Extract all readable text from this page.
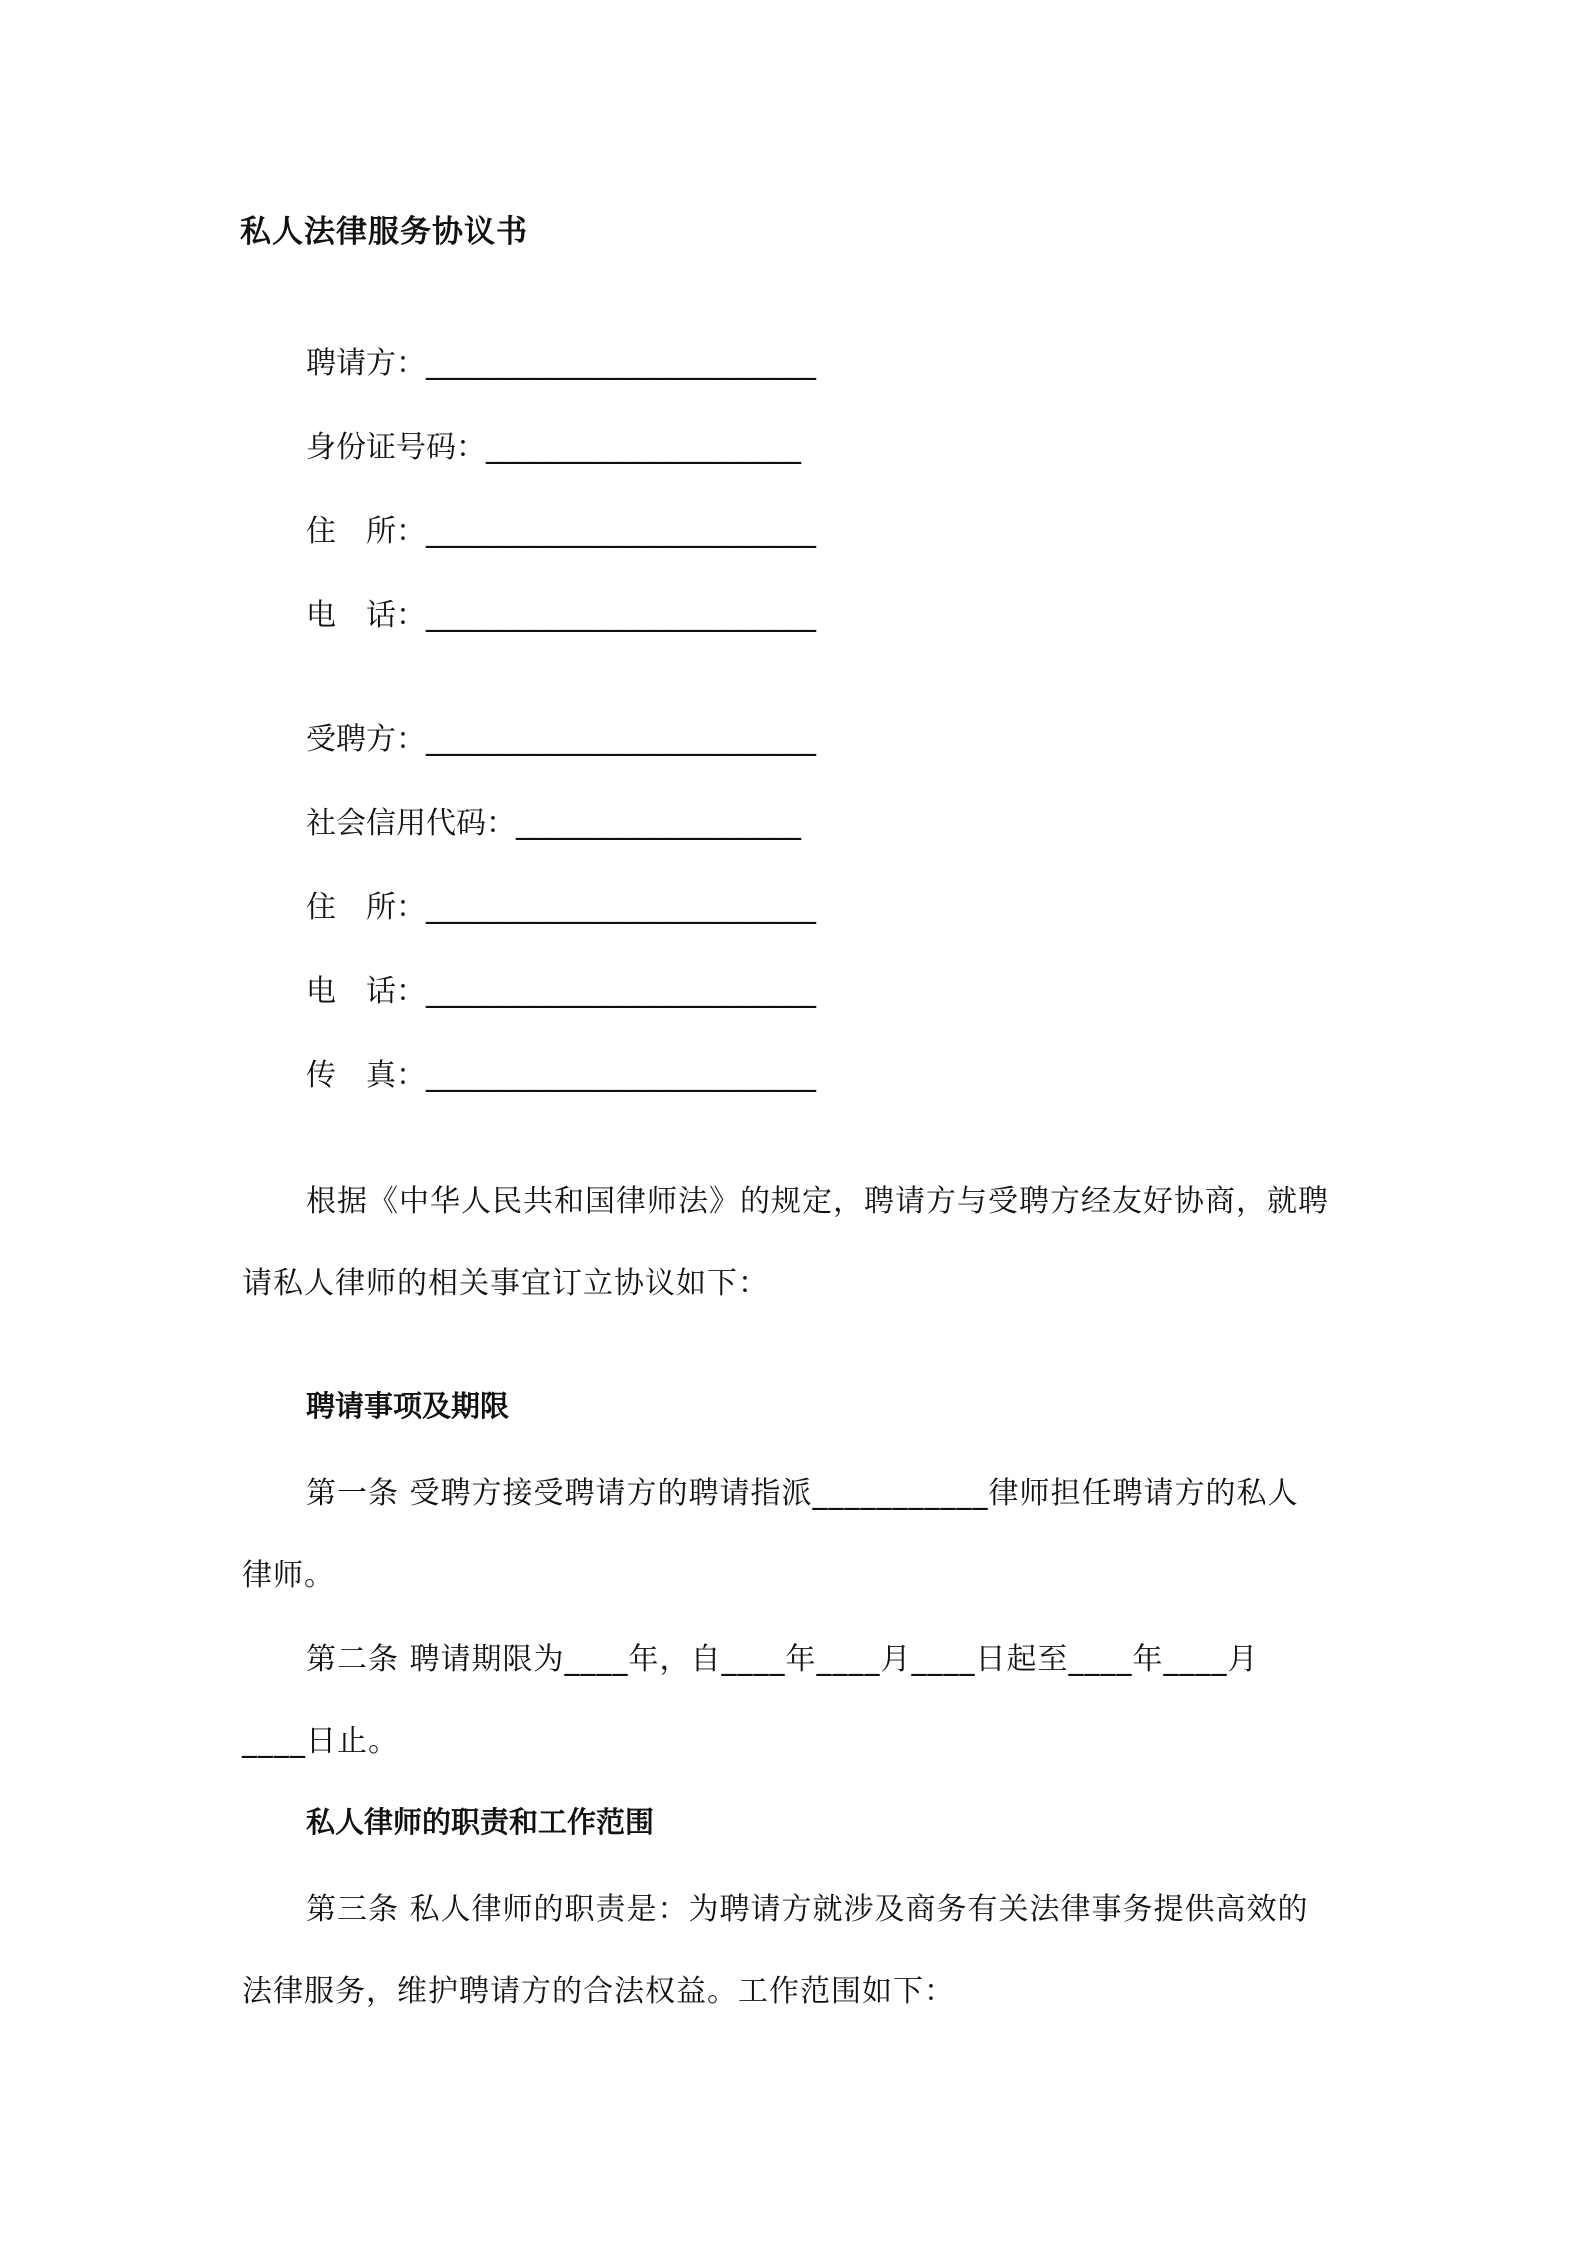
私人法律服务协议书
聘请方：__________________________
身份证号码：_____________________
住　所：__________________________
电　话：__________________________
受聘方：__________________________
社会信用代码：___________________
住　所：__________________________
电　话：__________________________
传　真：__________________________
根据《中华人民共和国律师法》的规定，聘请方与受聘方经友好协商，就聘
请私人律师的相关事宜订立协议如下：
聘请事项及期限
第一条 受聘方接受聘请方的聘请指派___________律师担任聘请方的私人
律师。
第二条 聘请期限为____年，自____年____月____日起至____年____月
____日止。
私人律师的职责和工作范围
第三条 私人律师的职责是：为聘请方就涉及商务有关法律事务提供高效的
法律服务，维护聘请方的合法权益。工作范围如下：
